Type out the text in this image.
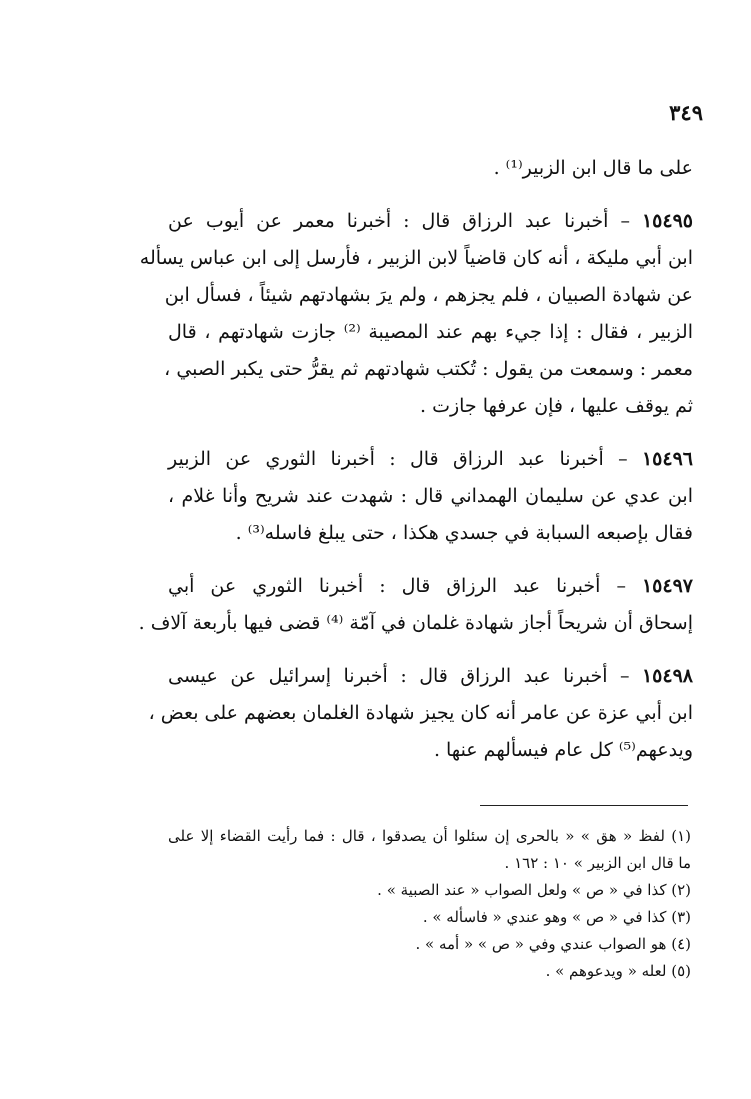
٣٤٩
على ما قال ابن الزبير⁽¹⁾ .
١٥٤٩٥ – أخبرنا عبد الرزاق قال : أخبرنا معمر عن أيوب عن
ابن أبي مليكة ، أنه كان قاضياً لابن الزبير ، فأرسل إلى ابن عباس يسأله
عن شهادة الصبيان ، فلم يجزهم ، ولم يرَ بشهادتهم شيئاً ، فسأل ابن
الزبير ، فقال : إذا جيء بهم عند المصيبة ⁽²⁾ جازت شهادتهم ، قال
معمر : وسمعت من يقول : تُكتب شهادتهم ثم يقرُّ حتى يكبر الصبي ،
ثم يوقف عليها ، فإن عرفها جازت .
١٥٤٩٦ – أخبرنا عبد الرزاق قال : أخبرنا الثوري عن الزبير
ابن عدي عن سليمان الهمداني قال : شهدت عند شريح وأنا غلام ،
فقال بإصبعه السبابة في جسدي هكذا ، حتى يبلغ فاسله⁽³⁾ .
١٥٤٩٧ – أخبرنا عبد الرزاق قال : أخبرنا الثوري عن أبي
إسحاق أن شريحاً أجاز شهادة غلمان في آمّة ⁽⁴⁾ قضى فيها بأربعة آلاف .
١٥٤٩٨ – أخبرنا عبد الرزاق قال : أخبرنا إسرائيل عن عيسى
ابن أبي عزة عن عامر أنه كان يجيز شهادة الغلمان بعضهم على بعض ،
ويدعهم⁽⁵⁾ كل عام فيسألهم عنها .
(١) لفظ « هق » « بالحرى إن سئلوا أن يصدقوا ، قال : فما رأيت القضاء إلا على
ما قال ابن الزبير » ١٠ : ١٦٢ .
(٢) كذا في « ص » ولعل الصواب « عند الصبية » .
(٣) كذا في « ص » وهو عندي « فاسأله » .
(٤) هو الصواب عندي وفي « ص » « أمه » .
(٥) لعله « ويدعوهم » .
